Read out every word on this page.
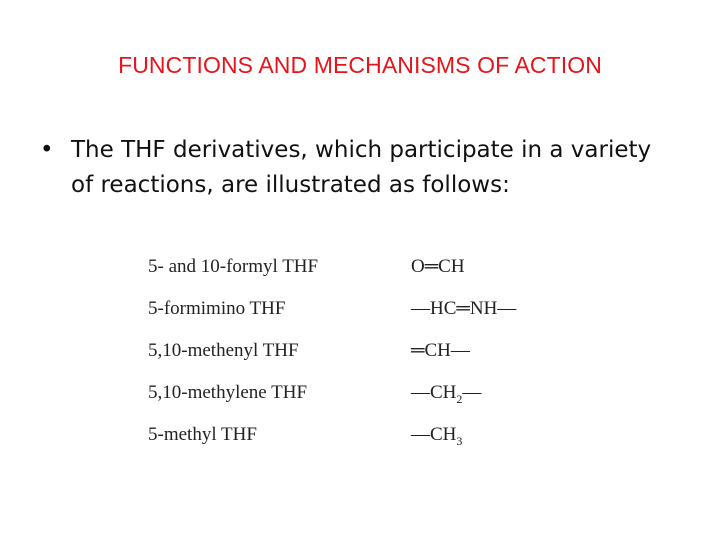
FUNCTIONS AND MECHANISMS OF ACTION
• The THF derivatives, which participate in a variety of reactions, are illustrated as follows:
5- and 10-formyl THF	O═CH
5-formimino THF	—HC═NH—
5,10-methenyl THF	═CH—
5,10-methylene THF	$—CH_2—$
5-methyl THF	$—CH_3$
